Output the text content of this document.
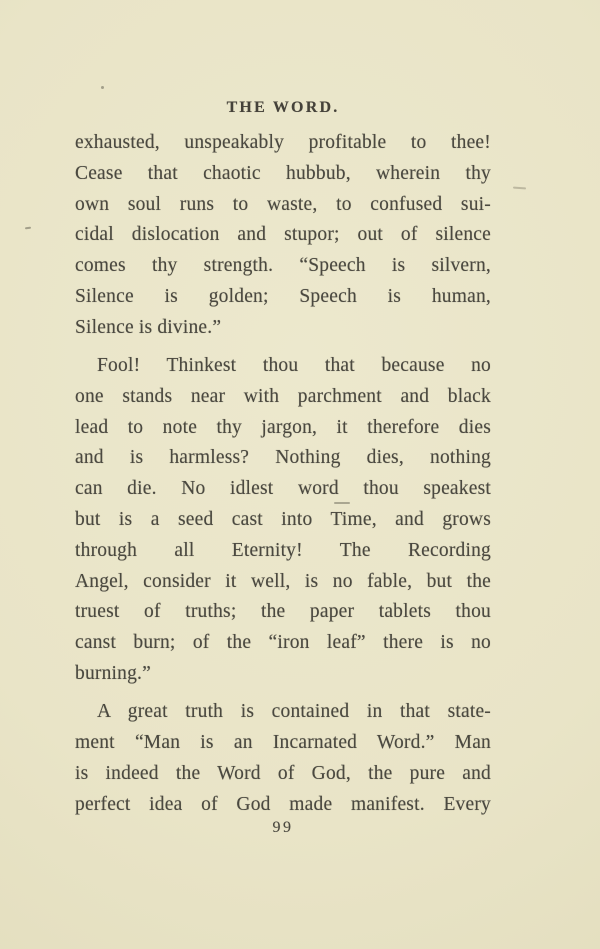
THE WORD.
exhausted, unspeakably profitable to thee!
Cease that chaotic hubbub, wherein thy
own soul runs to waste, to confused sui-
cidal dislocation and stupor; out of silence
comes thy strength. “Speech is silvern,
Silence is golden; Speech is human,
Silence is divine.”
Fool! Thinkest thou that because no
one stands near with parchment and black
lead to note thy jargon, it therefore dies
and is harmless? Nothing dies, nothing
can die. No idlest word thou speakest
but is a seed cast into Time, and grows
through all Eternity! The Recording
Angel, consider it well, is no fable, but the
truest of truths; the paper tablets thou
canst burn; of the “iron leaf” there is no
burning.”
A great truth is contained in that state-
ment “Man is an Incarnated Word.” Man
is indeed the Word of God, the pure and
perfect idea of God made manifest. Every
99
